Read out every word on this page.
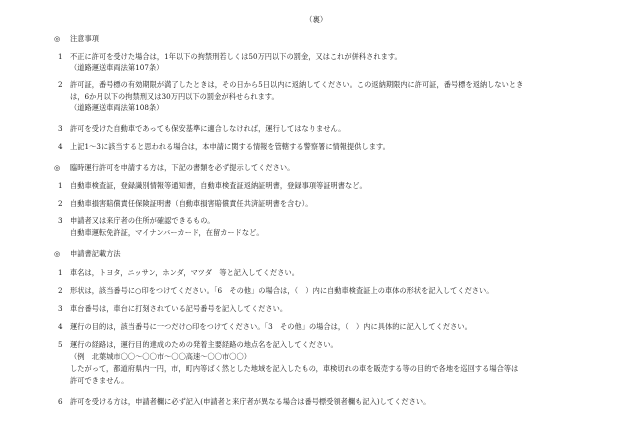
（裏）
◎ 注意事項
1 不正に許可を受けた場合は，1年以下の拘禁刑若しくは50万円以下の罰金，又はこれが併科されます。
（道路運送車両法第107条）
2 許可証，番号標の有効期限が満了したときは，その日から5日以内に返納してください。この返納期限内に許可証，番号標を返納しないとき
は，6か月以下の拘禁刑又は30万円以下の罰金が科せられます。
（道路運送車両法第108条）
3 許可を受けた自動車であっても保安基準に適合しなければ，運行してはなりません。
4 上記1～3に該当すると思われる場合は，本申請に関する情報を管轄する警察署に情報提供します。
◎ 臨時運行許可を申請する方は，下記の書類を必ず提示してください。
1 自動車検査証，登録識別情報等通知書，自動車検査証返納証明書，登録事項等証明書など。
2 自動車損害賠償責任保険証明書（自動車損害賠償責任共済証明書を含む）。
3 申請者又は来庁者の住所が確認できるもの。
自動車運転免許証，マイナンバーカード，在留カードなど。
◎ 申請書記載方法
1 車名は，トヨタ，ニッサン，ホンダ，マツダ　等と記入してください。
2 形状は，該当番号に○印をつけてください。「6　その他」の場合は，（　）内に自動車検査証上の車体の形状を記入してください。
3 車台番号は，車台に打刻されている記号番号を記入してください。
4 運行の目的は，該当番号に一つだけ○印をつけてください。「3　その他」の場合は，（　）内に具体的に記入してください。
5 運行の経路は，運行目的達成のための発着主要経路の地点名を記入してください。
（例　北葉城市〇〇～〇〇市～〇〇高速～〇〇市〇〇）
したがって，都道府県内一円，市，町内等ばく然とした地域を記入したもの，車検切れの車を販売する等の目的で各地を巡回する場合等は
許可できません。
6 許可を受ける方は，申請者欄に必ず記入(申請者と来庁者が異なる場合は番号標受領者欄も記入)してください。
